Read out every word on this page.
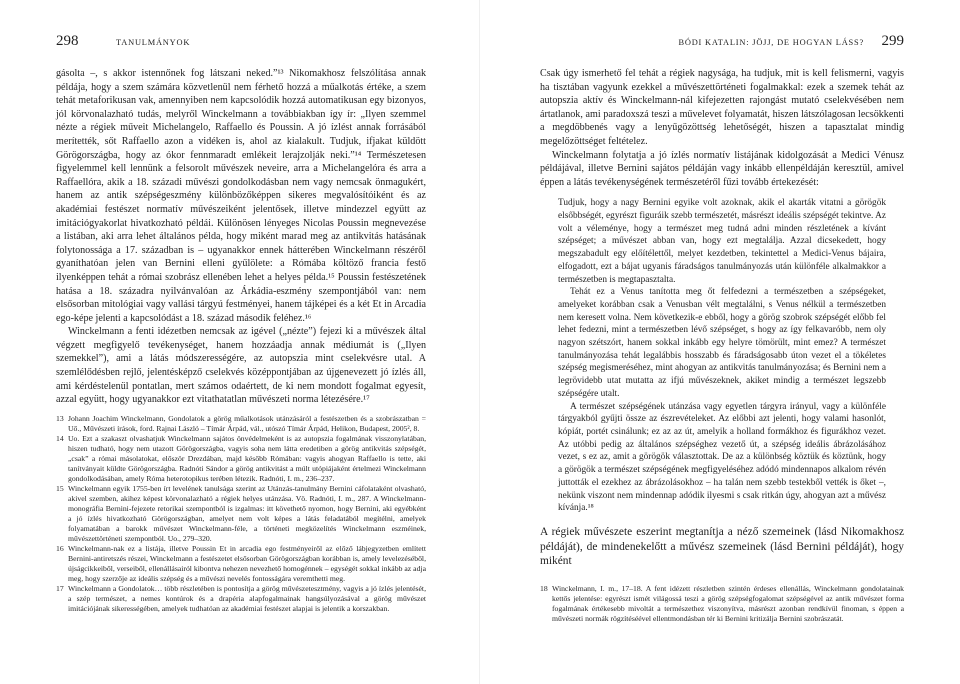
298	TANULMÁNYOK

gásolta –, s akkor istennőnek fog látszani neked.”¹³ Nikomakhosz felszólítása annak példája, hogy a szem számára közvetlenül nem férhető hozzá a műalkotás értéke, a szem tehát metaforikusan vak, amennyiben nem kapcsolódik hozzá automatikusan egy bizonyos, jól körvonalazható tudás, melyről Winckelmann a továbbiakban így ír: „Ilyen szemmel nézte a régiek műveit Michelangelo, Raffaello és Poussin. A jó ízlést annak forrásából merítették, sőt Raffaello azon a vidéken is, ahol az kialakult. Tudjuk, ifjakat küldött Görögországba, hogy az ókor fennmaradt emlékeit lerajzolják neki.”¹⁴ Természetesen figyelemmel kell lennünk a felsorolt művészek neveire, arra a Michelangelóra és arra a Raffaellóra, akik a 18. századi művészi gondolkodásban nem vagy nemcsak önmagukért, hanem az antik szépségeszmény különbözőképpen sikeres megvalósítóiként és az akadémiai festészet normatív művészeiként jelentősek, illetve mindezzel együtt az imitációgyakorlat hivatkozható példái. Különösen lényeges Nicolas Poussin megnevezése a listában, aki arra lehet általános példa, hogy miként marad meg az antikvitás hatásának folytonossága a 17. században is – ugyanakkor ennek hátterében Winckelmann részéről gyaníthatóan jelen van Bernini elleni gyűlölete: a Rómába költöző francia festő ilyenképpen tehát a római szobrász ellenében lehet a helyes példa.¹⁵ Poussin festészetének hatása a 18. századra nyilvánvalóan az Árkádia-eszmény szempontjából van: nem elsősorban mitológiai vagy vallási tárgyú festményei, hanem tájképei és a két Et in Arcadia ego-képe jelenti a kapcsolódást a 18. század második feléhez.¹⁶

Winckelmann a fenti idézetben nemcsak az igével („nézte”) fejezi ki a művészek által végzett megfigyelő tevékenységet, hanem hozzáadja annak médiumát is („Ilyen szemekkel”), ami a látás módszerességére, az autopszia mint cselekvésre utal. A szemlélődésben rejlő, jelentésképző cselekvés középpontjában az újgenevezett jó ízlés áll, ami kérdéstelenül pontatlan, mert számos odaértett, de ki nem mondott fogalmat egyesít, azzal együtt, hogy ugyanakkor ezt vitathatatlan művészeti norma létezésére.¹⁷

13 Johann Joachim Winckelmann, Gondolatok a görög műalkotások utánzásáról a festészetben és a szobrászatban = Uő., Művészeti írások, ford. Rajnai László – Tímár Árpád, vál., utószó Tímár Árpád, Helikon, Budapest, 2005², 8.
14 Uo. Ezt a szakaszt olvashatjuk Winckelmann sajátos önvédelmeként is az autopszia fogalmának visszonylatában, hiszen tudható, hogy nem utazott Görögországba, vagyis soha nem látta eredetiben a görög antikvitás szépségét, „csak” a római másolatokat, először Drezdában, majd később Rómában: vagyis ahogyan Raffaello is tette, aki tanítványait küldte Görögországba. Radnóti Sándor a görög antikvitást a múlt utópiájaként értelmezi Winckelmann gondolkodásában, amely Róma heterotopikus terében létezik. Radnóti, I. m., 236–237.
15 Winckelmann egyik 1755-ben írt levelének tanulsága szerint az Utánzás-tanulmány Bernini cáfolataként olvasható, akivel szemben, akihez képest körvonalazható a régiek helyes utánzása. Vö. Radnóti, I. m., 287. A Winckelmann-monográfia Bernini-fejezete retorikai szempontból is izgalmas: itt követhető nyomon, hogy Bernini, aki egyébként a jó ízlés hivatkozható Görögországban, amelyet nem volt képes a látás feladatából megítélni, amelyek folyamatában a barokk művészet Winckelmann-féle, a történeti megközelítés Winckelmann eszméinek, művészettörténeti szempontból. Uo., 279–320.
16 Winckelmann-nak ez a listája, illetve Poussin Et in arcadia ego festményeiről az előző lábjegyzetben említett Bernini-antiretszés részei, Winckelmann a festészetet elsősorban Görögországban korábban is, amely levelezéséből, újságcikkeiből, verseiből, ellenállásairól kibontva nehezen nevezhető homogénnek – egységét sokkal inkább az adja meg, hogy szerzője az ideális szépség és a művészi nevelés fontosságára veremthetti meg.
17 Winckelmann a Gondolatok… több részletében is pontosítja a görög művészetesztmény, vagyis a jó ízlés jelentését, a szép természet, a nemes kontúrok és a drapéria alapfogalmainak hangsúlyozásával a görög művészet imitációjának sikerességében, amelyek tudhatóan az akadémiai festészet alapjai is jelentik a korszakban.
BÓDI KATALIN: JÖJJ, DE HOGYAN LÁSS? 299

Csak úgy ismerhető fel tehát a régiek nagysága, ha tudjuk, mit is kell felismerni, vagyis ha tisztában vagyunk ezekkel a művészettörténeti fogalmakkal: ezek a szemek tehát az autopszia aktív és Winckelmann-nál kifejezetten rajongást mutató cselekvésében nem ártatlanok, ami paradoxszá teszi a művelevet folyamatát, hiszen látszólagosan lecsökkenti a megdöbbenés vagy a lenyűgözöttség lehetőségét, hiszen a tapasztalat mindig megelőzöttséget feltételez.

Winckelmann folytatja a jó ízlés normatív listájának kidolgozását a Medici Vénusz példájával, illetve Bernini sajátos példáján vagy inkább ellenpéldáján keresztül, amivel éppen a látás tevékenységének természetéről fűzi tovább értekezését:

Tudjuk, hogy a nagy Bernini egyike volt azoknak, akik el akarták vitatni a görögök elsőbbségét, egyrészt figuráik szebb természetét, másrészt ideális szépségét tekintve. Az volt a véleménye, hogy a természet meg tudná adni minden részletének a kívánt szépséget; a művészet abban van, hogy ezt megtalálja. Azzal dicsekedett, hogy megszabadult egy előítélettől, melyet kezdetben, tekintettel a Medici-Venus bájaira, elfogadott, ezt a bájat ugyanis fáradságos tanulmányozás után különféle alkalmakkor a természetben is megtapasztalta.

Tehát ez a Venus tanította meg őt felfedezni a természetben a szépségeket, amelyeket korábban csak a Venusban vélt megtalálni, s Venus nélkül a természetben nem keresett volna. Nem következik-e ebből, hogy a görög szobrok szépségét előbb fel lehet fedezni, mint a természetben lévő szépséget, s hogy az így felkavaróbb, nem oly nagyon szétszórt, hanem sokkal inkább egy helyre tömörült, mint emez? A természet tanulmányozása tehát legalábbis hosszabb és fáradságosabb úton vezet el a tökéletes szépség megismeréséhez, mint ahogyan az antikvitás tanulmányozása; és Bernini nem a legrövidebb utat mutatta az ifjú művészeknek, akiket mindig a természet legszebb szépségére utalt.

A természet szépségének utánzása vagy egyetlen tárgyra irányul, vagy a különféle tárgyakból gyűjti össze az észrevételeket. Az előbbi azt jelenti, hogy valami hasonlót, kópiát, portét csinálunk; ez az az út, amelyik a holland formákhoz és figurákhoz vezet. Az utóbbi pedig az általános szépséghez vezető út, a szépség ideális ábrázolásához vezet, s ez az, amit a görögök választottak. De az a különbség köztük és köztünk, hogy a görögök a természet szépségének megfigyeléséhez adódó mindennapos alkalom révén juttották el ezekhez az ábrázolásokhoz – ha talán nem szebb testekből vették is őket –, nekünk viszont nem mindennap adódik ilyesmi s csak ritkán úgy, ahogyan azt a művész kívánja.¹⁸

A régiek művészete eszerint megtanítja a néző szemeinek (lásd Nikomakhosz példáját), de mindenekelőtt a művész szemeinek (lásd Bernini példáját), hogy miként

18 Winckelmann, I. m., 17–18. A fent idézett részletben szintén érdeses ellenállás, Winckelmann gondolatainak kettős jelentése: egyrészt ismét világossá teszi a görög szépségfogalomat szépségével az antik művészet forma fogalmának értékesebb mivoltát a természethez viszonyítva, másrészt azonban rendkívül finoman, s éppen a művészeti normák rögzítéséével ellentmondásban tér ki Bernini kritizálja Bernini szobrászatát.
